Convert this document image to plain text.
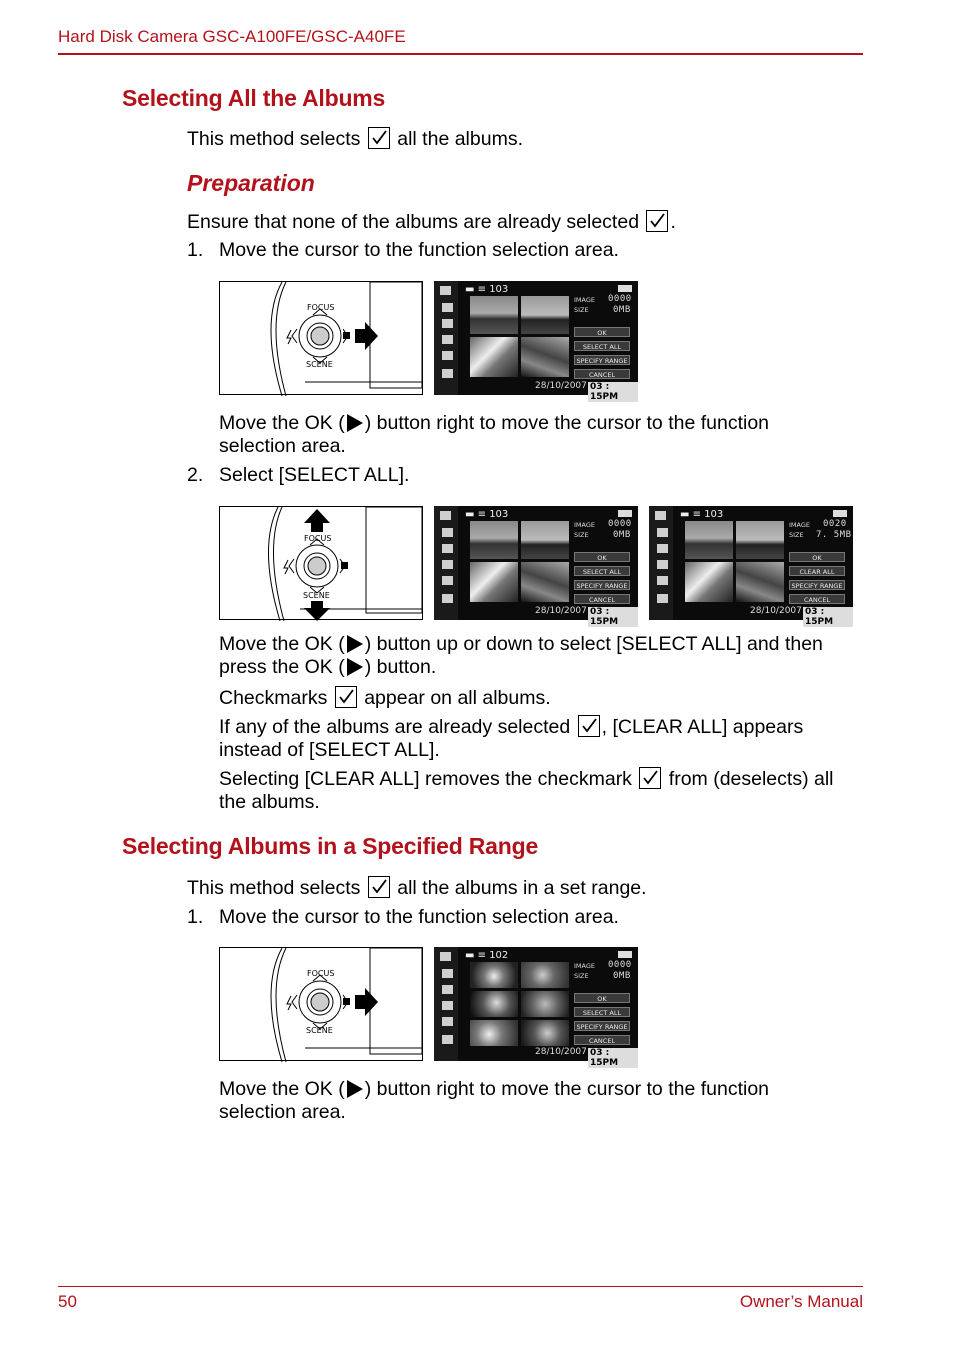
Hard Disk Camera GSC-A100FE/GSC-A40FE
Selecting All the Albums
This method selects all the albums.
Preparation
Ensure that none of the albums are already selected .
1. Move the cursor to the function selection area.
FOCUS
SCENE
▬ ≡ 103
IMAGE
SIZE
0000
0MB
OK
SELECT ALL
SPECIFY RANGE
CANCEL
28/10/2007 03 : 15PM
Move the OK ( ) button right to move the cursor to the function
selection area.
2. Select [SELECT ALL].
FOCUS
SCENE
▬ ≡ 103
IMAGE
SIZE
0000
0MB
OK
SELECT ALL
SPECIFY RANGE
CANCEL
28/10/2007 03 : 15PM
▬ ≡ 103
IMAGE
SIZE
0020
7. 5MB
OK
CLEAR ALL
SPECIFY RANGE
CANCEL
28/10/2007 03 : 15PM
Move the OK ( ) button up or down to select [SELECT ALL] and then
press the OK ( ) button.
Checkmarks appear on all albums.
If any of the albums are already selected , [CLEAR ALL] appears
instead of [SELECT ALL].
Selecting [CLEAR ALL] removes the checkmark from (deselects) all
the albums.
Selecting Albums in a Specified Range
This method selects all the albums in a set range.
1. Move the cursor to the function selection area.
FOCUS
SCENE
▬ ≡ 102
IMAGE
SIZE
0000
0MB
OK
SELECT ALL
SPECIFY RANGE
CANCEL
28/10/2007 03 : 15PM
Move the OK ( ) button right to move the cursor to the function
selection area.
50	Owner’s Manual
